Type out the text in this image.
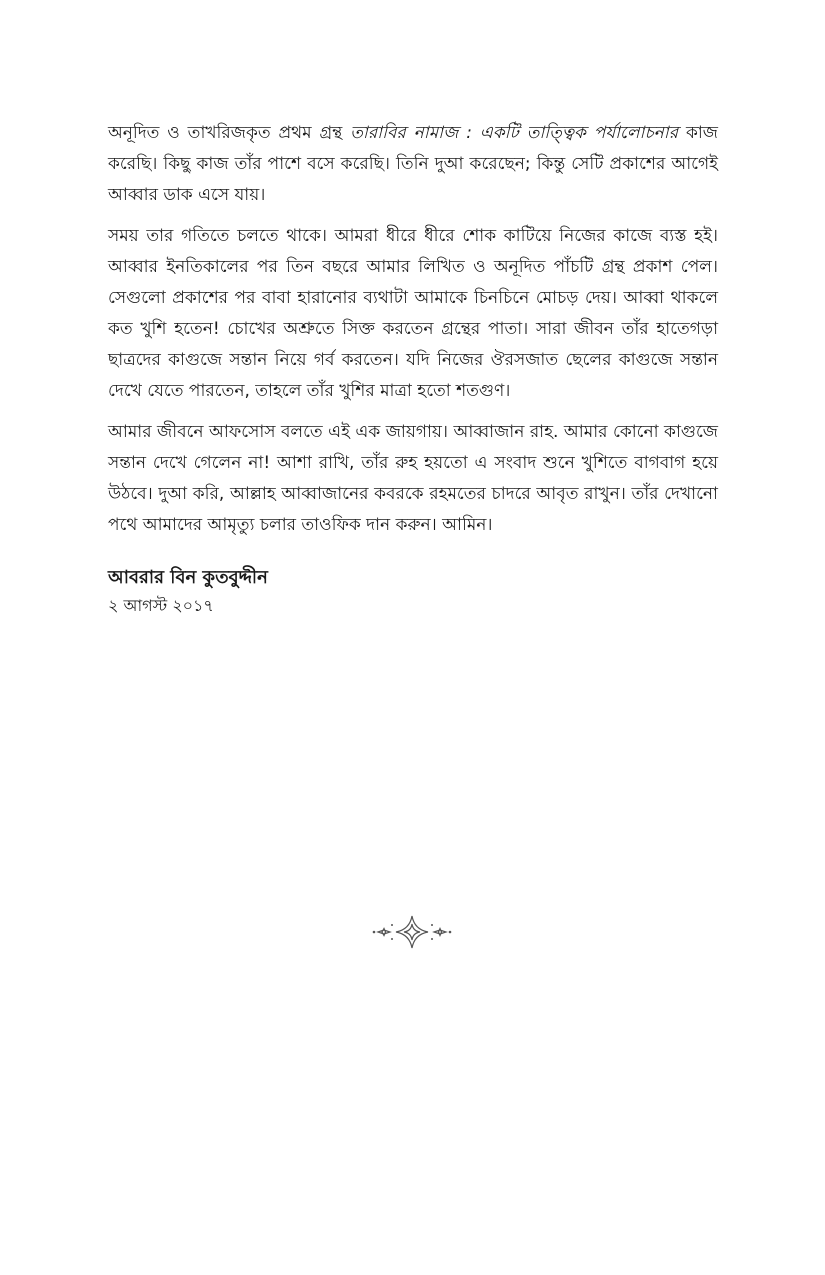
অনূদিত ও তাখরিজকৃত প্রথম গ্রন্থ তারাবির নামাজ : একটি তাত্ত্বিক পর্যালোচনার কাজ করেছি। কিছু কাজ তাঁর পাশে বসে করেছি। তিনি দুআ করেছেন; কিন্তু সেটি প্রকাশের আগেই আব্বার ডাক এসে যায়।

সময় তার গতিতে চলতে থাকে। আমরা ধীরে ধীরে শোক কাটিয়ে নিজের কাজে ব্যস্ত হই। আব্বার ইনতিকালের পর তিন বছরে আমার লিখিত ও অনূদিত পাঁচটি গ্রন্থ প্রকাশ পেল। সেগুলো প্রকাশের পর বাবা হারানোর ব্যথাটা আমাকে চিনচিনে মোচড় দেয়। আব্বা থাকলে কত খুশি হতেন! চোখের অশ্রুতে সিক্ত করতেন গ্রন্থের পাতা। সারা জীবন তাঁর হাতেগড়া ছাত্রদের কাগুজে সন্তান নিয়ে গর্ব করতেন। যদি নিজের ঔরসজাত ছেলের কাগুজে সন্তান দেখে যেতে পারতেন, তাহলে তাঁর খুশির মাত্রা হতো শতগুণ।

আমার জীবনে আফসোস বলতে এই এক জায়গায়। আব্বাজান রাহ. আমার কোনো কাগুজে সন্তান দেখে গেলেন না! আশা রাখি, তাঁর রুহ হয়তো এ সংবাদ শুনে খুশিতে বাগবাগ হয়ে উঠবে। দুআ করি, আল্লাহ আব্বাজানের কবরকে রহমতের চাদরে আবৃত রাখুন। তাঁর দেখানো পথে আমাদের আমৃত্যু চলার তাওফিক দান করুন। আমিন।

আবরার বিন কুতবুদ্দীন
২ আগস্ট ২০১৭
